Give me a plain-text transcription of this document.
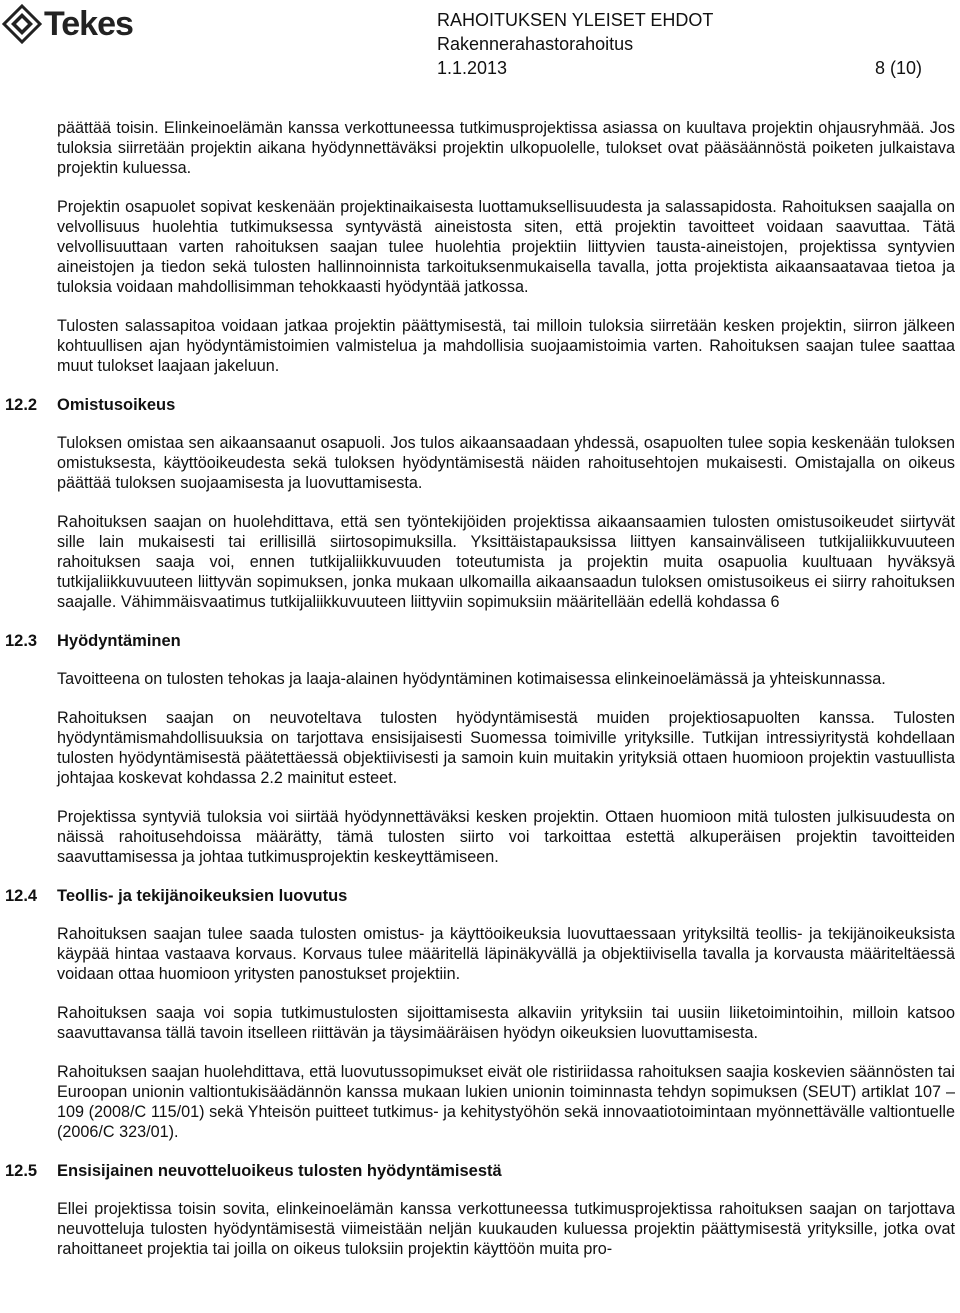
Tekes	RAHOITUKSEN YLEISET EHDOT
Rakennerahastorahoitus
1.1.2013	8 (10)

päättää toisin. Elinkeinoelämän kanssa verkottuneessa tutkimusprojektissa asiassa on kuultava projektin ohjausryhmää. Jos tuloksia siirretään projektin aikana hyödynnettäväksi projektin ulkopuolelle, tulokset ovat pääsäännöstä poiketen julkaistava projektin kuluessa.

Projektin osapuolet sopivat keskenään projektinaikaisesta luottamuksellisuudesta ja salassapidosta. Rahoituksen saajalla on velvollisuus huolehtia tutkimuksessa syntyvästä aineistosta siten, että projektin tavoitteet voidaan saavuttaa. Tätä velvollisuuttaan varten rahoituksen saajan tulee huolehtia projektiin liittyvien tausta-aineistojen, projektissa syntyvien aineistojen ja tiedon sekä tulosten hallinnoinnista tarkoituksenmukaisella tavalla, jotta projektista aikaansaatavaa tietoa ja tuloksia voidaan mahdollisimman tehokkaasti hyödyntää jatkossa.

Tulosten salassapitoa voidaan jatkaa projektin päättymisestä, tai milloin tuloksia siirretään kesken projektin, siirron jälkeen kohtuullisen ajan hyödyntämistoimien valmistelua ja mahdollisia suojaamistoimia varten. Rahoituksen saajan tulee saattaa muut tulokset laajaan jakeluun.

12.2 Omistusoikeus

Tuloksen omistaa sen aikaansaanut osapuoli. Jos tulos aikaansaadaan yhdessä, osapuolten tulee sopia keskenään tuloksen omistuksesta, käyttöoikeudesta sekä tuloksen hyödyntämisestä näiden rahoitusehtojen mukaisesti. Omistajalla on oikeus päättää tuloksen suojaamisesta ja luovuttamisesta.

Rahoituksen saajan on huolehdittava, että sen työntekijöiden projektissa aikaansaamien tulosten omistusoikeudet siirtyvät sille lain mukaisesti tai erillisillä siirtosopimuksilla. Yksittäistapauksissa liittyen kansainväliseen tutkijaliikkuvuuteen rahoituksen saaja voi, ennen tutkijaliikkuvuuden toteutumista ja projektin muita osapuolia kuultuaan hyväksyä tutkijaliikkuvuuteen liittyvän sopimuksen, jonka mukaan ulkomailla aikaansaadun tuloksen omistusoikeus ei siirry rahoituksen saajalle. Vähimmäisvaatimus tutkijaliikkuvuuteen liittyviin sopimuksiin määritellään edellä kohdassa 6

12.3 Hyödyntäminen

Tavoitteena on tulosten tehokas ja laaja-alainen hyödyntäminen kotimaisessa elinkeinoelämässä ja yhteiskunnassa.

Rahoituksen saajan on neuvoteltava tulosten hyödyntämisestä muiden projektiosapuolten kanssa. Tulosten hyödyntämismahdollisuuksia on tarjottava ensisijaisesti Suomessa toimiville yrityksille. Tutkijan intressiyritystä kohdellaan tulosten hyödyntämisestä päätettäessä objektiivisesti ja samoin kuin muitakin yrityksiä ottaen huomioon projektin vastuullista johtajaa koskevat kohdassa 2.2 mainitut esteet.

Projektissa syntyviä tuloksia voi siirtää hyödynnettäväksi kesken projektin. Ottaen huomioon mitä tulosten julkisuudesta on näissä rahoitusehdoissa määrätty, tämä tulosten siirto voi tarkoittaa estettä alkuperäisen projektin tavoitteiden saavuttamisessa ja johtaa tutkimusprojektin keskeyttämiseen.

12.4 Teollis- ja tekijänoikeuksien luovutus

Rahoituksen saajan tulee saada tulosten omistus- ja käyttöoikeuksia luovuttaessaan yrityksiltä teollis- ja tekijänoikeuksista käypää hintaa vastaava korvaus. Korvaus tulee määritellä läpinäkyvällä ja objektiivisella tavalla ja korvausta määriteltäessä voidaan ottaa huomioon yritysten panostukset projektiin.

Rahoituksen saaja voi sopia tutkimustulosten sijoittamisesta alkaviin yrityksiin tai uusiin liiketoimintoihin, milloin katsoo saavuttavansa tällä tavoin itselleen riittävän ja täysimääräisen hyödyn oikeuksien luovuttamisesta.

Rahoituksen saajan huolehdittava, että luovutussopimukset eivät ole ristiriidassa rahoituksen saajia koskevien säännösten tai Euroopan unionin valtiontukisäädännön kanssa mukaan lukien unionin toiminnasta tehdyn sopimuksen (SEUT) artiklat 107 – 109 (2008/C 115/01) sekä Yhteisön puitteet tutkimus- ja kehitystyöhön sekä innovaatiotoimintaan myönnettävälle valtiontuelle (2006/C 323/01).

12.5 Ensisijainen neuvotteluoikeus tulosten hyödyntämisestä

Ellei projektissa toisin sovita, elinkeinoelämän kanssa verkottuneessa tutkimusprojektissa rahoituksen saajan on tarjottava neuvotteluja tulosten hyödyntämisestä viimeistään neljän kuukauden kuluessa projektin päättymisestä yrityksille, jotka ovat rahoittaneet projektia tai joilla on oikeus tuloksiin projektin käyttöön muita pro-
